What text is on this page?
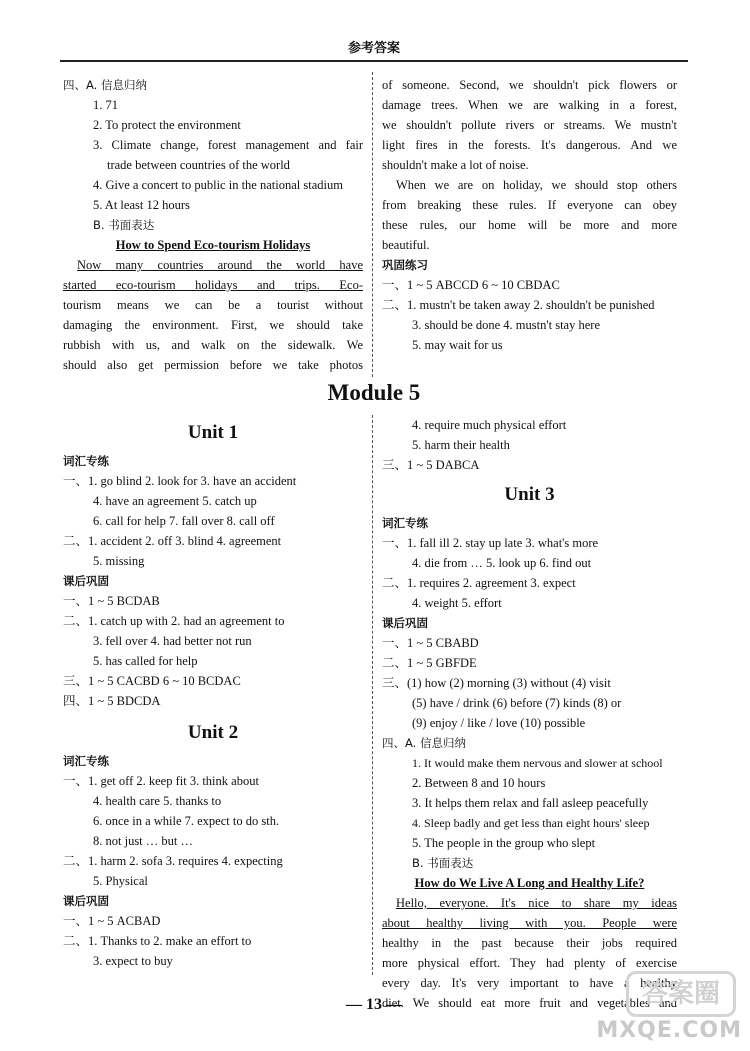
参考答案
四、A. 信息归纳
1. 71
2. To protect the environment
3. Climate change, forest management and fair
trade between countries of the world
4. Give a concert to public in the national stadium
5. At least 12 hours
B. 书面表达
How to Spend Eco-tourism Holidays
Now many countries around the world have
started eco-tourism holidays and trips. Eco-
tourism means we can be a tourist without
damaging the environment. First, we should take
rubbish with us, and walk on the sidewalk. We
should also get permission before we take photos
of someone. Second, we shouldn't pick flowers or
damage trees. When we are walking in a forest,
we shouldn't pollute rivers or streams. We mustn't
light fires in the forests. It's dangerous. And we
shouldn't make a lot of noise.
When we are on holiday, we should stop others
from breaking these rules. If everyone can obey
these rules, our home will be more and more
beautiful.
巩固练习
一、1 ~ 5 ABCCD 6 ~ 10 CBDAC
二、1. mustn't be taken away 2. shouldn't be punished
3. should be done 4. mustn't stay here
5. may wait for us
Module 5
Unit 1
词汇专练
一、1. go blind 2. look for 3. have an accident
4. have an agreement 5. catch up
6. call for help 7. fall over 8. call off
二、1. accident 2. off 3. blind 4. agreement
5. missing
课后巩固
一、1 ~ 5 BCDAB
二、1. catch up with 2. had an agreement to
3. fell over 4. had better not run
5. has called for help
三、1 ~ 5 CACBD 6 ~ 10 BCDAC
四、1 ~ 5 BDCDA
Unit 2
词汇专练
一、1. get off 2. keep fit 3. think about
4. health care 5. thanks to
6. once in a while 7. expect to do sth.
8. not just … but …
二、1. harm 2. sofa 3. requires 4. expecting
5. Physical
课后巩固
一、1 ~ 5 ACBAD
二、1. Thanks to 2. make an effort to
3. expect to buy
4. require much physical effort
5. harm their health
三、1 ~ 5 DABCA
Unit 3
词汇专练
一、1. fall ill 2. stay up late 3. what's more
4. die from … 5. look up 6. find out
二、1. requires 2. agreement 3. expect
4. weight 5. effort
课后巩固
一、1 ~ 5 CBABD
二、1 ~ 5 GBFDE
三、(1) how (2) morning (3) without (4) visit
(5) have / drink (6) before (7) kinds (8) or
(9) enjoy / like / love (10) possible
四、A. 信息归纳
1. It would make them nervous and slower at school
2. Between 8 and 10 hours
3. It helps them relax and fall asleep peacefully
4. Sleep badly and get less than eight hours' sleep
5. The people in the group who slept
B. 书面表达
How do We Live A Long and Healthy Life?
Hello, everyone. It's nice to share my ideas
about healthy living with you. People were
healthy in the past because their jobs required
more physical effort. They had plenty of exercise
every day. It's very important to have a healthy
diet. We should eat more fruit and vegetables and
— 13 —	答案圈
MXQE.COM
